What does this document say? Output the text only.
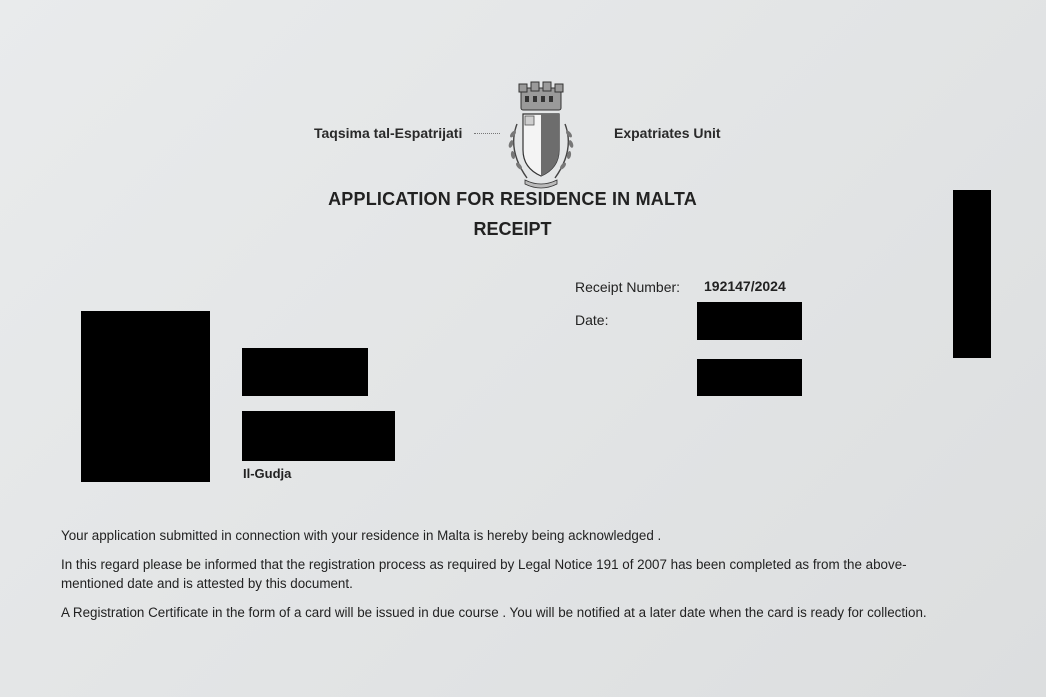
Taqsima tal-Espatrijati	Expatriates Unit
APPLICATION FOR RESIDENCE IN MALTA
RECEIPT
Receipt Number: 192147/2024
Date:
Il-Gudja
Your application submitted in connection with your residence in Malta is hereby being acknowledged .
In this regard please be informed that the registration process as required by Legal Notice 191 of 2007 has been completed as from the above-mentioned date and is attested by this document.
A Registration Certificate in the form of a card will be issued in due course . You will be notified at a later date when the card is ready for collection.
